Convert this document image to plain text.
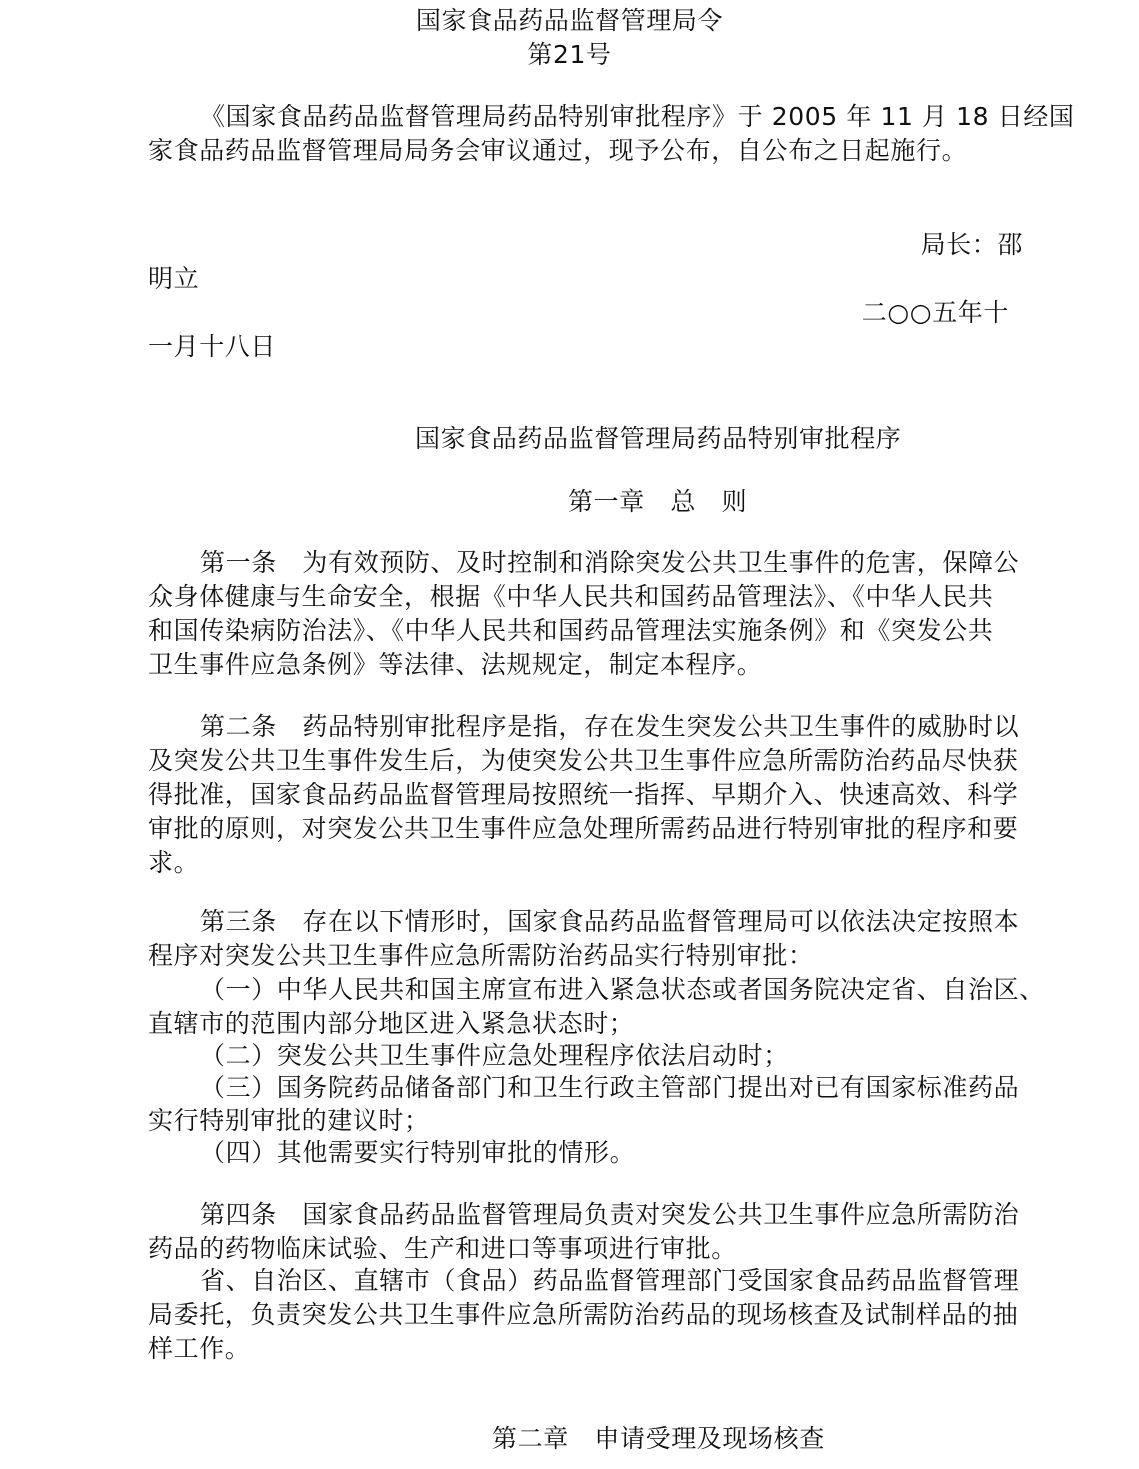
国家食品药品监督管理局令
第21号
《国家食品药品监督管理局药品特别审批程序》于 2005 年 11 月 18 日经国
家食品药品监督管理局局务会审议通过，现予公布，自公布之日起施行。
局长：邵
明立
二○○五年十
一月十八日
国家食品药品监督管理局药品特别审批程序
第一章　总　则
第一条　为有效预防、及时控制和消除突发公共卫生事件的危害，保障公
众身体健康与生命安全，根据《中华人民共和国药品管理法》、《中华人民共
和国传染病防治法》、《中华人民共和国药品管理法实施条例》和《突发公共
卫生事件应急条例》等法律、法规规定，制定本程序。
第二条　药品特别审批程序是指，存在发生突发公共卫生事件的威胁时以
及突发公共卫生事件发生后，为使突发公共卫生事件应急所需防治药品尽快获
得批准，国家食品药品监督管理局按照统一指挥、早期介入、快速高效、科学
审批的原则，对突发公共卫生事件应急处理所需药品进行特别审批的程序和要
求。
第三条　存在以下情形时，国家食品药品监督管理局可以依法决定按照本
程序对突发公共卫生事件应急所需防治药品实行特别审批：
（一）中华人民共和国主席宣布进入紧急状态或者国务院决定省、自治区、
直辖市的范围内部分地区进入紧急状态时；
（二）突发公共卫生事件应急处理程序依法启动时；
（三）国务院药品储备部门和卫生行政主管部门提出对已有国家标准药品
实行特别审批的建议时；
（四）其他需要实行特别审批的情形。
第四条　国家食品药品监督管理局负责对突发公共卫生事件应急所需防治
药品的药物临床试验、生产和进口等事项进行审批。
省、自治区、直辖市（食品）药品监督管理部门受国家食品药品监督管理
局委托，负责突发公共卫生事件应急所需防治药品的现场核查及试制样品的抽
样工作。
第二章　申请受理及现场核查
